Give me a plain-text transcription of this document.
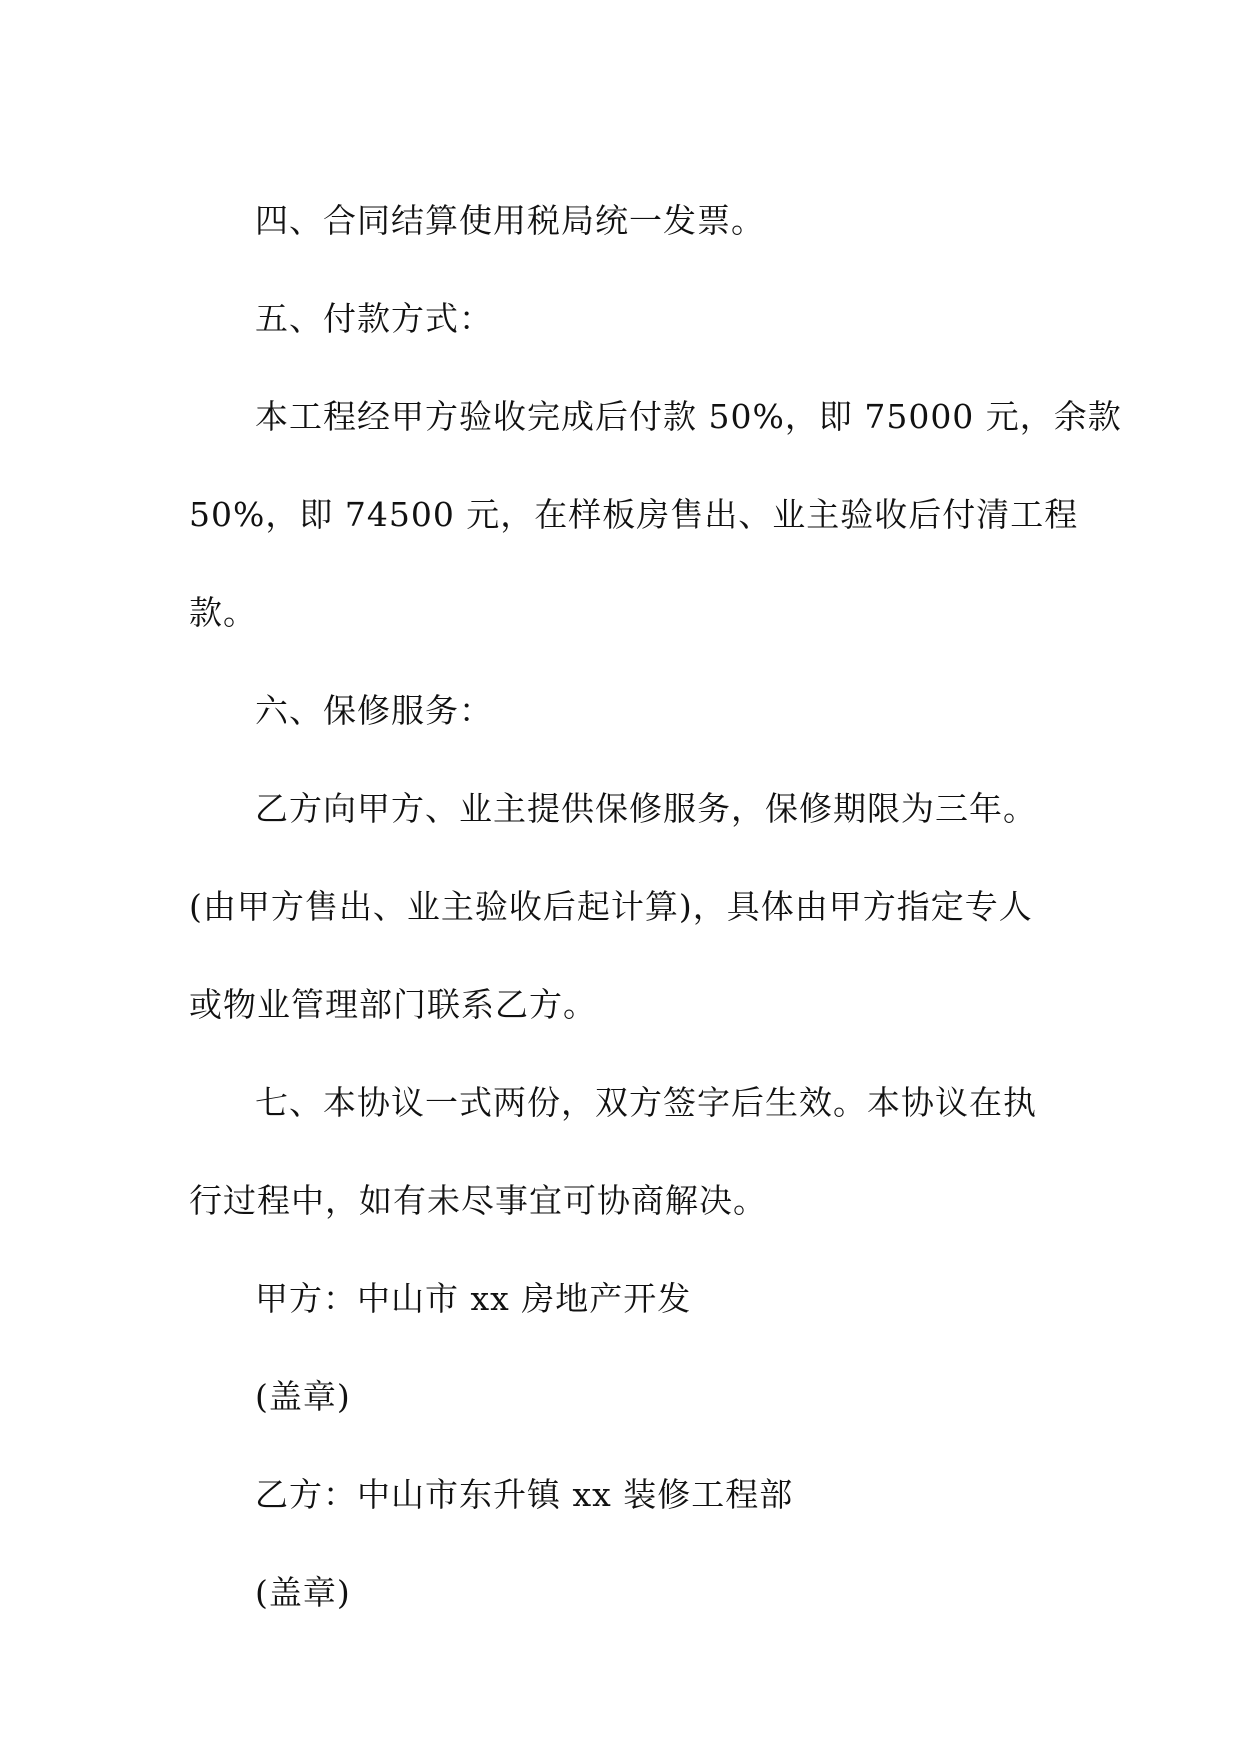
四、合同结算使用税局统一发票。
五、付款方式：
本工程经甲方验收完成后付款 50%，即 75000 元，余款
50%，即 74500 元，在样板房售出、业主验收后付清工程
款。
六、保修服务：
乙方向甲方、业主提供保修服务，保修期限为三年。
(由甲方售出、业主验收后起计算)，具体由甲方指定专人
或物业管理部门联系乙方。
七、本协议一式两份，双方签字后生效。本协议在执
行过程中，如有未尽事宜可协商解决。
甲方：中山市 xx 房地产开发
(盖章)
乙方：中山市东升镇 xx 装修工程部
(盖章)
